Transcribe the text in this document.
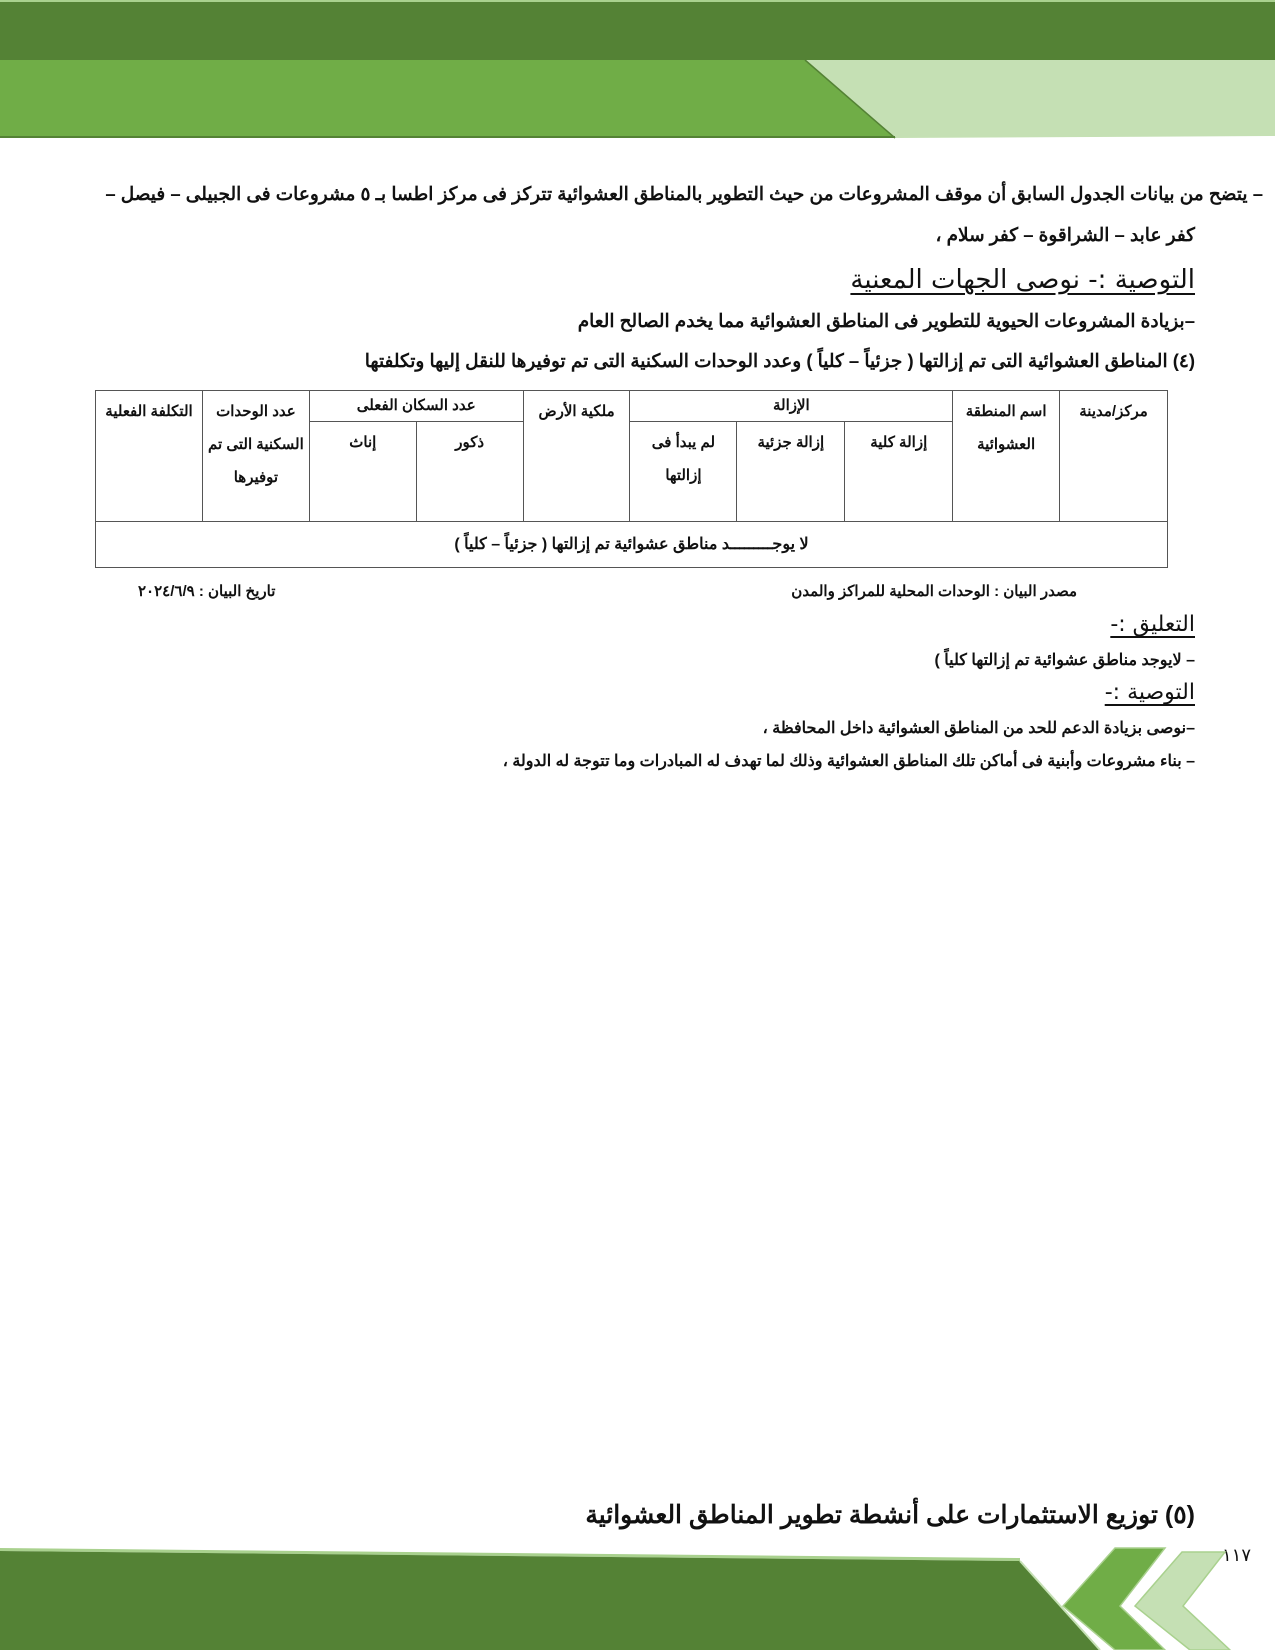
– يتضح من بيانات الجدول السابق أن موقف المشروعات من حيث التطوير بالمناطق العشوائية تتركز فى مركز اطسا بـ ٥ مشروعات فى الجبيلى – فيصل –
كفر عابد – الشراقوة – كفر سلام ،
التوصية :- نوصى الجهات المعنية
–بزيادة المشروعات الحيوية للتطوير فى المناطق العشوائية مما يخدم الصالح العام
(٤) المناطق العشوائية التى تم إزالتها ( جزئياً – كلياً ) وعدد الوحدات السكنية التى تم توفيرها للنقل إليها وتكلفتها
مركز/مدينة	اسم المنطقة العشوائية	الإزالة			ملكية الأرض	عدد السكان الفعلى		عدد الوحدات السكنية التى تم توفيرها	التكلفة الفعلية
		إزالة كلية	إزالة جزئية	لم يبدأ فى إزالتها		ذكور	إناث		
لا يوجـــــــــد مناطق عشوائية تم إزالتها ( جزئياً – كلياً )									
مصدر البيان : الوحدات المحلية للمراكز والمدن
تاريخ البيان : ٢٠٢٤/٦/٩
التعليق :-
– لايوجد مناطق عشوائية تم إزالتها كلياً )
التوصية :-
–نوصى بزيادة الدعم للحد من المناطق العشوائية داخل المحافظة ،
– بناء مشروعات وأبنية فى أماكن تلك المناطق العشوائية وذلك لما تهدف له المبادرات وما تتوجة له الدولة ،
(٥) توزيع الاستثمارات على أنشطة تطوير المناطق العشوائية
١١٧
